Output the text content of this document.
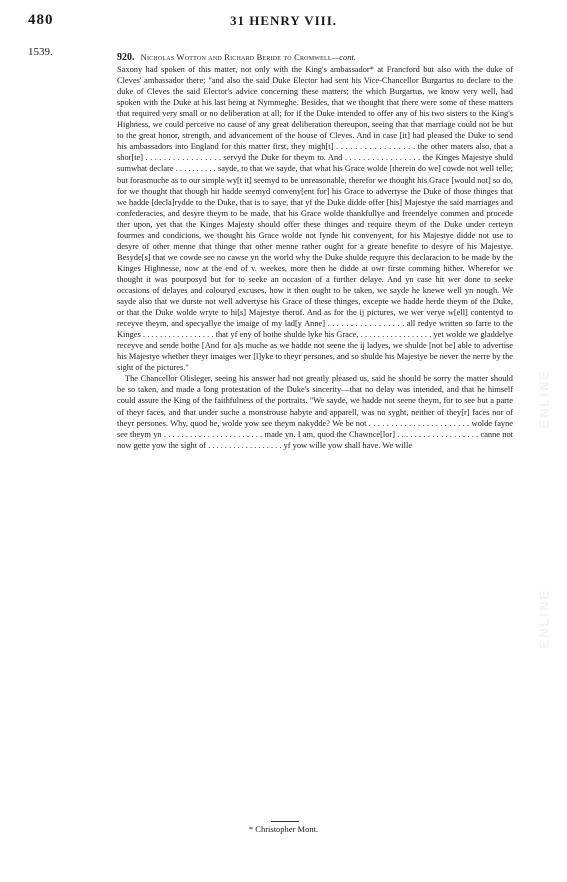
480	31 HENRY VIII.
1539.
ENLINE
ENLINE
920. Nicholas Wotton and Richard Beride to Cromwell—cont.

Saxony had spoken of this matter, not only with the King's ambassador* at Francford but also with the duke of Cleves' ambassador there; "and also the said Duke Elector had sent his Vice-Chancellor Burgartus to declare to the duke of Cleves the said Elector's advice concerning these matters; the which Burgartus, we know very well, had spoken with the Duke at his last being at Nymmeghe. Besides, that we thought that there were some of these matters that required very small or no deliberation at all; for if the Duke intended to offer any of his two sisters to the King's Highness, we could perceive no cause of any great deliberation thereupon, seeing that that marriage could not be but to the great honor, strength, and advancement of the house of Cleves. And in case [it] had pleased the Duke to send his ambassadors into England for this matter first, they migh[t] . . . . . . . . . . . . . . . . . the other maters also, that a shor[te] . . . . . . . . . . . . . . . . . servyd the Duke for theym to. And . . . . . . . . . . . . . . . . . the Kinges Majestye shuld sumwhat declare . . . . . . . . . . sayde, to that we sayde, that what his Grace wolde [therein do we] cowde not well telle; but forasmuche as to our simple wy[t it] seemyd to be unreasonable, therefor we thought his Grace [would not] so do, for we thought that though hit hadde seemyd conveny[ent for] his Grace to advertyse the Duke of those thinges that we hadde [decla]rydde to the Duke, that is to saye, that yf the Duke didde offer [his] Majestye the said marriages and confederacies, and desyre theym to be made, that his Grace wolde thankfullye and freendelye commen and procede ther upon, yet that the Kinges Majesty should offer these thinges and require theym of the Duke under certeyn fourmes and condicions, we thought his Grace wolde not fynde hit convenyent, for his Majestye didde not use to desyre of other menne that thinge that other menne rather ought for a greate benefite to desyre of his Majestye. Besyde[s] that we cowde see no cawse yn the world why the Duke shulde requyre this declaracion to be made by the Kinges Highnesse, now at the end of v. weekes, more then he didde at owr firste comming hither. Wherefor we thought it was pourposyd but for to seeke an occasion of a further delaye. And yn case hit wer done to seeke occasions of delayes and colouryd excuses, how it then ought to be taken, we sayde he knewe well yn nough. We sayde also that we durste not well advertyse his Grace of these thinges, excepte we hadde herde theym of the Duke, or that the Duke wolde wryte to hi[s] Majestye therof. And as for the ij pictures, we wer verye w[ell] contentyd to receyve theym, and specyallye the imaige of my lad[y Anne] . . . . . . . . . . . . . . . . . all redye written so farre to the Kinges . . . . . . . . . . . . . . . . . that yf eny of bothe shulde lyke his Grace, . . . . . . . . . . . . . . . . . yet wolde we gladdelye receyve and sende bothe [And for a]s muche as we hadde not seene the ij ladyes, we shulde [not be] able to advertise his Majestye whether theyr imaiges wer [l]yke to theyr persones, and so shulde his Majestye be never the nerre by the sight of the pictures."

The Chancellor Olisleger, seeing his answer had not greatly pleased us, said he should be sorry the matter should be so taken, and made a long protestation of the Duke's sincerity—that no delay was intended, and that he himself could assure the King of the faithfulness of the portraits. "We sayde, we hadde not seene theym, for to see but a parte of theyr faces, and that under suche a monstrouse habyte and apparell, was no syght, neither of they[r] faces nor of theyr persones. Why, quod he, wolde yow see theym nakydde? We be not . . . . . . . . . . . . . . . . . . . . . . . wolde fayne see theym yn . . . . . . . . . . . . . . . . . . . . . . . made yn. I am, quod the Chawnce[lor] . . . . . . . . . . . . . . . . . . . canne not now gette yow the sight of . . . . . . . . . . . . . . . . . . yf yow wille yow shall have. We wille

* Christopher Mont.
